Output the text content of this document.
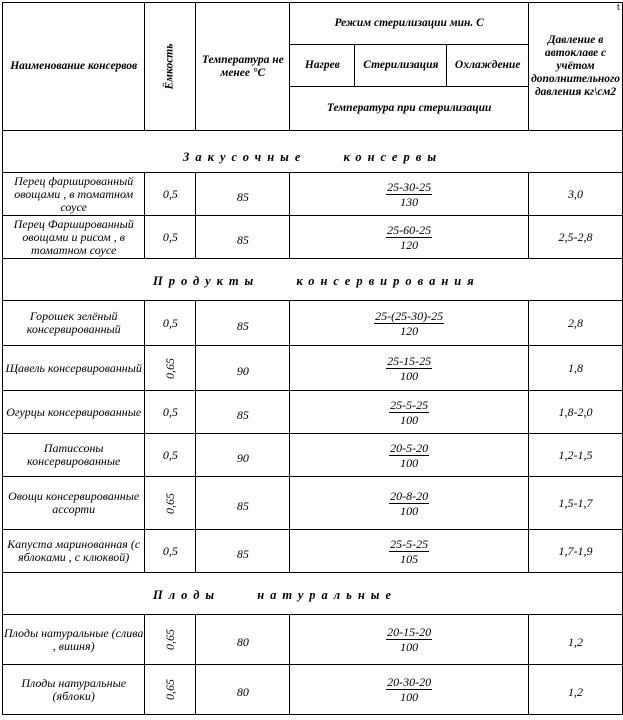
t
Наименование консервов	Ёмкость	Температура не менее °С	Режим стерилизации мин. С			Давление в автоклаве с учётом дополнительного давления кг\см2
			Нагрев	Стерилизация	Охлаждение	
			Температура при стерилизации			
Закусочные консервы						
Перец фаршированный овощами , в томатном соусе	0,5	85	$\frac{25-30-25}{130}$			3,0
Перец Фаршированный овощами и рисом , в томатном соусе	0,5	85	$\frac{25-60-25}{120}$			2,5-2,8
Продукты консервирования						
Горошек зелёный консервированный	0,5	85	$\frac{25-(25-30)-25}{120}$			2,8
Щавель консервированный	0,65	90	$\frac{25-15-25}{100}$			1,8
Огурцы консервированные	0,5	85	$\frac{25-5-25}{100}$			1,8-2,0
Патиссоны консервированные	0,5	90	$\frac{20-5-20}{100}$			1,2-1,5
Овощи консервированные ассорти	0,65	85	$\frac{20-8-20}{100}$			1,5-1,7
Капуста маринованная (с яблоками , с клюквой)	0,5	85	$\frac{25-5-25}{105}$			1,7-1,9
Плоды натуральные						
Плоды натуральные (слива , вишня)	0,65	80	$\frac{20-15-20}{100}$			1,2
Плоды натуральные (яблоки)	0,65	80	$\frac{20-30-20}{100}$			1,2
